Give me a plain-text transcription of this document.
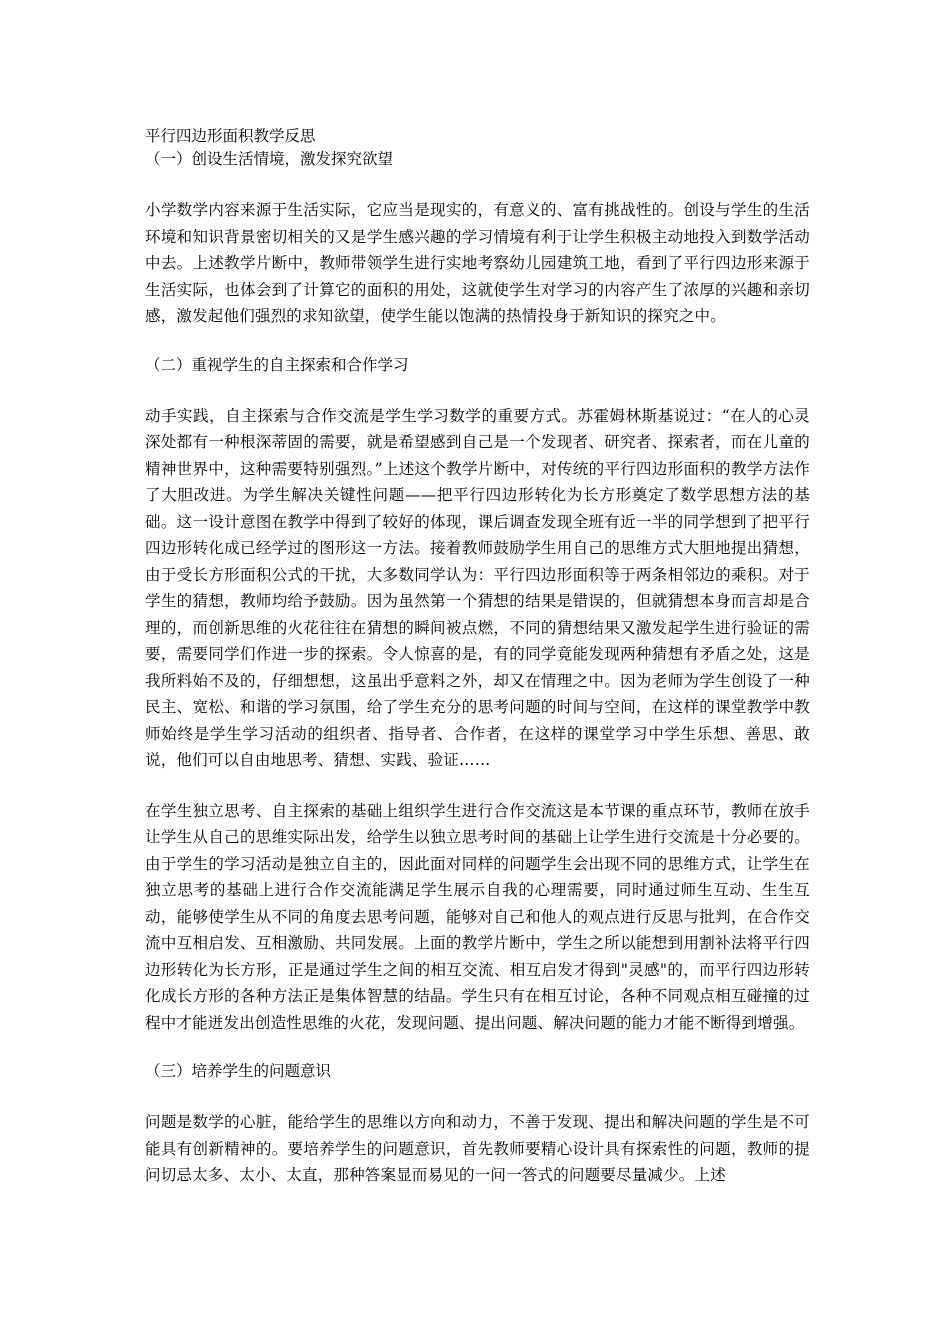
平行四边形面积教学反思

（一）创设生活情境，激发探究欲望

小学数学内容来源于生活实际，它应当是现实的，有意义的、富有挑战性的。创设与学生的生活环境和知识背景密切相关的又是学生感兴趣的学习情境有利于让学生积极主动地投入到数学活动中去。上述教学片断中，教师带领学生进行实地考察幼儿园建筑工地，看到了平行四边形来源于生活实际，也体会到了计算它的面积的用处，这就使学生对学习的内容产生了浓厚的兴趣和亲切感，激发起他们强烈的求知欲望，使学生能以饱满的热情投身于新知识的探究之中。

（二）重视学生的自主探索和合作学习

动手实践，自主探索与合作交流是学生学习数学的重要方式。苏霍姆林斯基说过：“在人的心灵深处都有一种根深蒂固的需要，就是希望感到自己是一个发现者、研究者、探索者，而在儿童的精神世界中，这种需要特别强烈。”上述这个教学片断中，对传统的平行四边形面积的教学方法作了大胆改进。为学生解决关键性问题——把平行四边形转化为长方形奠定了数学思想方法的基础。这一设计意图在教学中得到了较好的体现，课后调查发现全班有近一半的同学想到了把平行四边形转化成已经学过的图形这一方法。接着教师鼓励学生用自己的思维方式大胆地提出猜想，由于受长方形面积公式的干扰，大多数同学认为：平行四边形面积等于两条相邻边的乘积。对于学生的猜想，教师均给予鼓励。因为虽然第一个猜想的结果是错误的，但就猜想本身而言却是合理的，而创新思维的火花往往在猜想的瞬间被点燃，不同的猜想结果又激发起学生进行验证的需要，需要同学们作进一步的探索。令人惊喜的是，有的同学竟能发现两种猜想有矛盾之处，这是我所料始不及的，仔细想想，这虽出乎意料之外，却又在情理之中。因为老师为学生创设了一种民主、宽松、和谐的学习氛围，给了学生充分的思考问题的时间与空间，在这样的课堂教学中教师始终是学生学习活动的组织者、指导者、合作者，在这样的课堂学习中学生乐想、善思、敢说，他们可以自由地思考、猜想、实践、验证……

在学生独立思考、自主探索的基础上组织学生进行合作交流这是本节课的重点环节，教师在放手让学生从自己的思维实际出发，给学生以独立思考时间的基础上让学生进行交流是十分必要的。由于学生的学习活动是独立自主的，因此面对同样的问题学生会出现不同的思维方式，让学生在独立思考的基础上进行合作交流能满足学生展示自我的心理需要，同时通过师生互动、生生互动，能够使学生从不同的角度去思考问题，能够对自己和他人的观点进行反思与批判，在合作交流中互相启发、互相激励、共同发展。上面的教学片断中，学生之所以能想到用割补法将平行四边形转化为长方形，正是通过学生之间的相互交流、相互启发才得到"灵感"的，而平行四边形转化成长方形的各种方法正是集体智慧的结晶。学生只有在相互讨论，各种不同观点相互碰撞的过程中才能迸发出创造性思维的火花，发现问题、提出问题、解决问题的能力才能不断得到增强。

（三）培养学生的问题意识

问题是数学的心脏，能给学生的思维以方向和动力，不善于发现、提出和解决问题的学生是不可能具有创新精神的。要培养学生的问题意识，首先教师要精心设计具有探索性的问题，教师的提问切忌太多、太小、太直，那种答案显而易见的一问一答式的问题要尽量减少。上述
